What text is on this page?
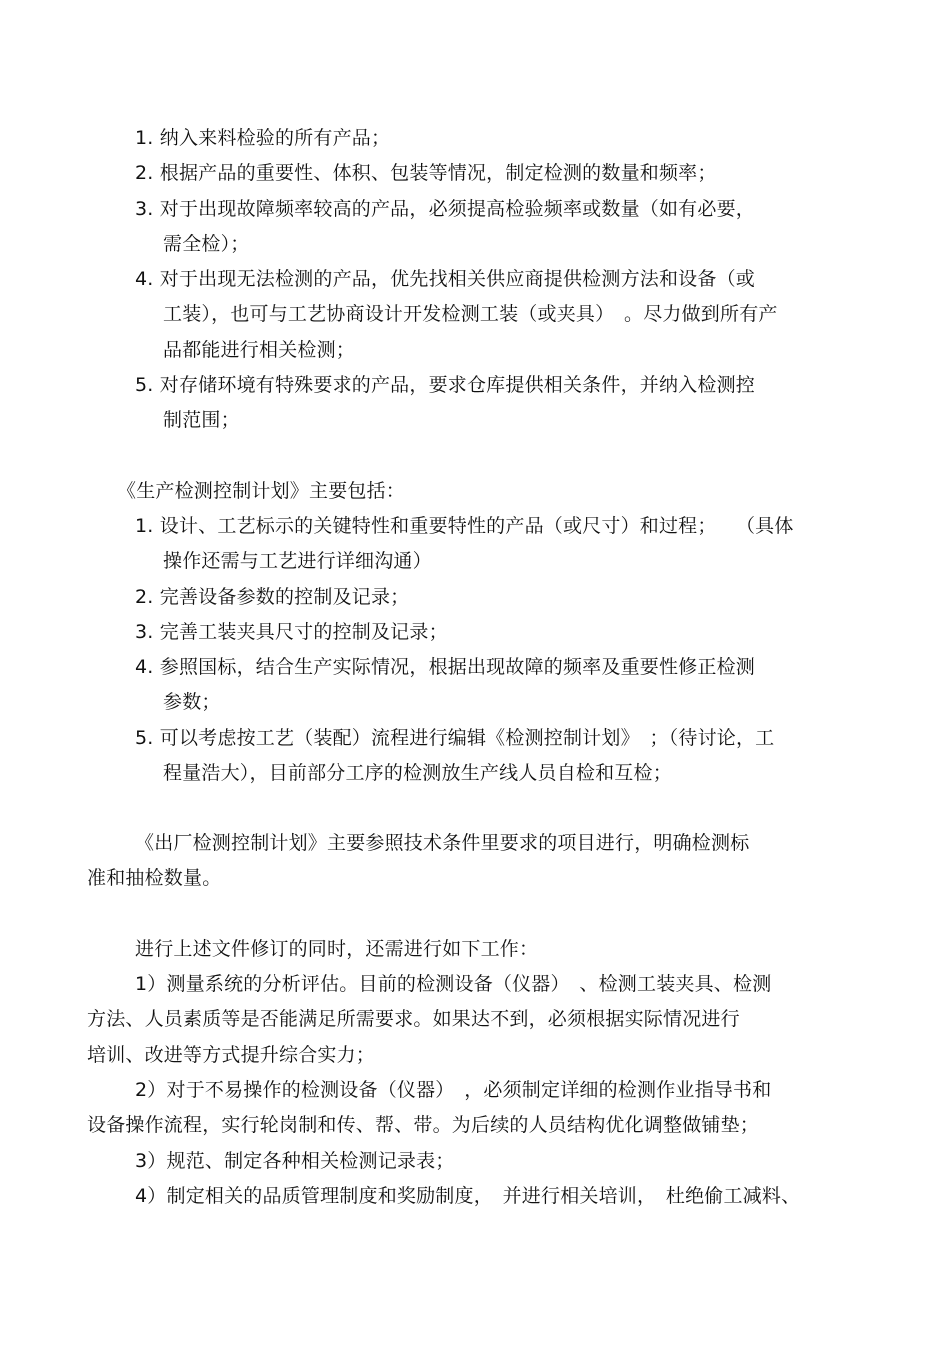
1. 纳入来料检验的所有产品；
2. 根据产品的重要性、体积、包装等情况，制定检测的数量和频率；
3. 对于出现故障频率较高的产品，必须提高检验频率或数量（如有必要，
需全检）；
4. 对于出现无法检测的产品，优先找相关供应商提供检测方法和设备（或
工装），也可与工艺协商设计开发检测工装（或夹具）　。尽力做到所有产
品都能进行相关检测；
5. 对存储环境有特殊要求的产品，要求仓库提供相关条件，并纳入检测控
制范围；
《生产检测控制计划》主要包括：
1. 设计、工艺标示的关键特性和重要特性的产品（或尺寸）和过程；　　（具体
操作还需与工艺进行详细沟通）
2. 完善设备参数的控制及记录；
3. 完善工装夹具尺寸的控制及记录；
4. 参照国标，结合生产实际情况，根据出现故障的频率及重要性修正检测
参数；
5. 可以考虑按工艺（装配）流程进行编辑《检测控制计划》　；（待讨论，工
程量浩大），目前部分工序的检测放生产线人员自检和互检；
《出厂检测控制计划》主要参照技术条件里要求的项目进行，明确检测标
准和抽检数量。
进行上述文件修订的同时，还需进行如下工作：
1）测量系统的分析评估。目前的检测设备（仪器）　、检测工装夹具、检测
方法、人员素质等是否能满足所需要求。如果达不到，必须根据实际情况进行
培训、改进等方式提升综合实力；
2）对于不易操作的检测设备（仪器）　，必须制定详细的检测作业指导书和
设备操作流程，实行轮岗制和传、帮、带。为后续的人员结构优化调整做铺垫；
3）规范、制定各种相关检测记录表；
4）制定相关的品质管理制度和奖励制度，　并进行相关培训，　杜绝偷工减料、
